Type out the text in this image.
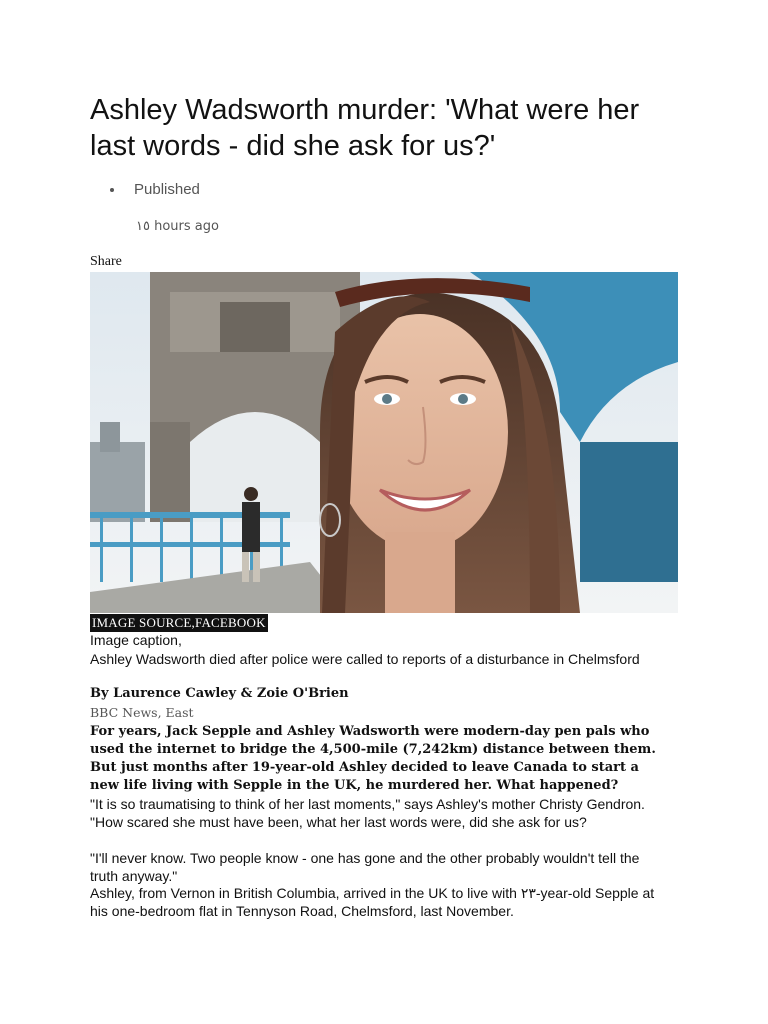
Ashley Wadsworth murder: 'What were her last words - did she ask for us?'
Published
١٥ hours ago
Share
IMAGE SOURCE,FACEBOOK
Image caption,

Ashley Wadsworth died after police were called to reports of a disturbance in Chelmsford

By Laurence Cawley & Zoie O'Brien
BBC News, East

For years, Jack Sepple and Ashley Wadsworth were modern-day pen pals who used the internet to bridge the 4,500-mile (7,242km) distance between them. But just months after 19-year-old Ashley decided to leave Canada to start a new life living with Sepple in the UK, he murdered her. What happened?

"It is so traumatising to think of her last moments," says Ashley's mother Christy Gendron. "How scared she must have been, what her last words were, did she ask for us?

"I'll never know. Two people know - one has gone and the other probably wouldn't tell the truth anyway."

Ashley, from Vernon in British Columbia, arrived in the UK to live with ٢٣-year-old Sepple at his one-bedroom flat in Tennyson Road, Chelmsford, last November.
